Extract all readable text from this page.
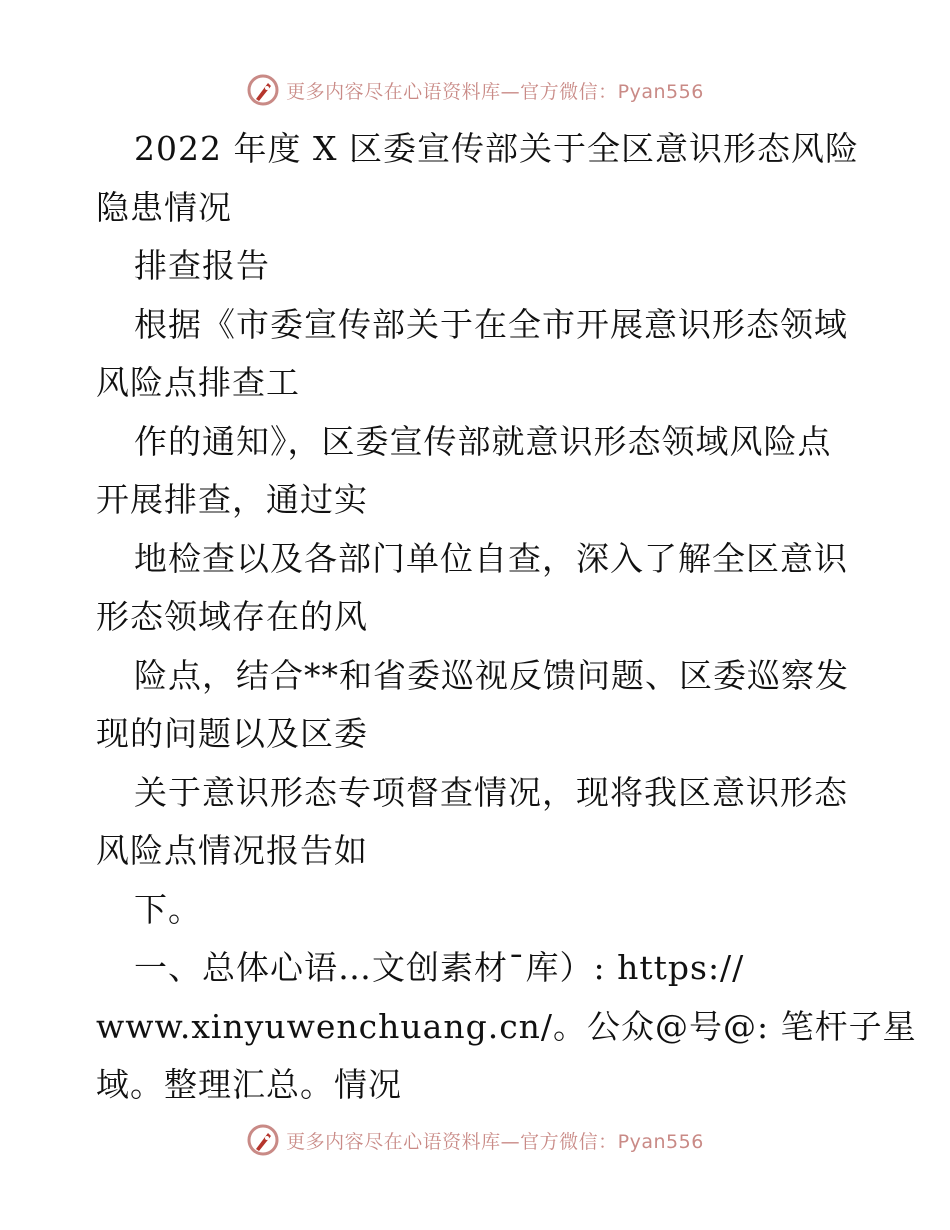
更多内容尽在心语资料库—官方微信：Pyan556
2022 年度 X 区委宣传部关于全区意识形态风险
隐患情况
排查报告
根据《市委宣传部关于在全市开展意识形态领域
风险点排查工
作的通知》，区委宣传部就意识形态领域风险点
开展排查，通过实
地检查以及各部门单位自查，深入了解全区意识
形态领域存在的风
险点，结合**和省委巡视反馈问题、区委巡察发
现的问题以及区委
关于意识形态专项督查情况，现将我区意识形态
风险点情况报告如
下。
一、总体心语…文创素材¯库）: https://
www.xinyuwenchuang.cn/。公众@号@: 笔杆子星
域。整理汇总。情况
更多内容尽在心语资料库—官方微信：Pyan556
